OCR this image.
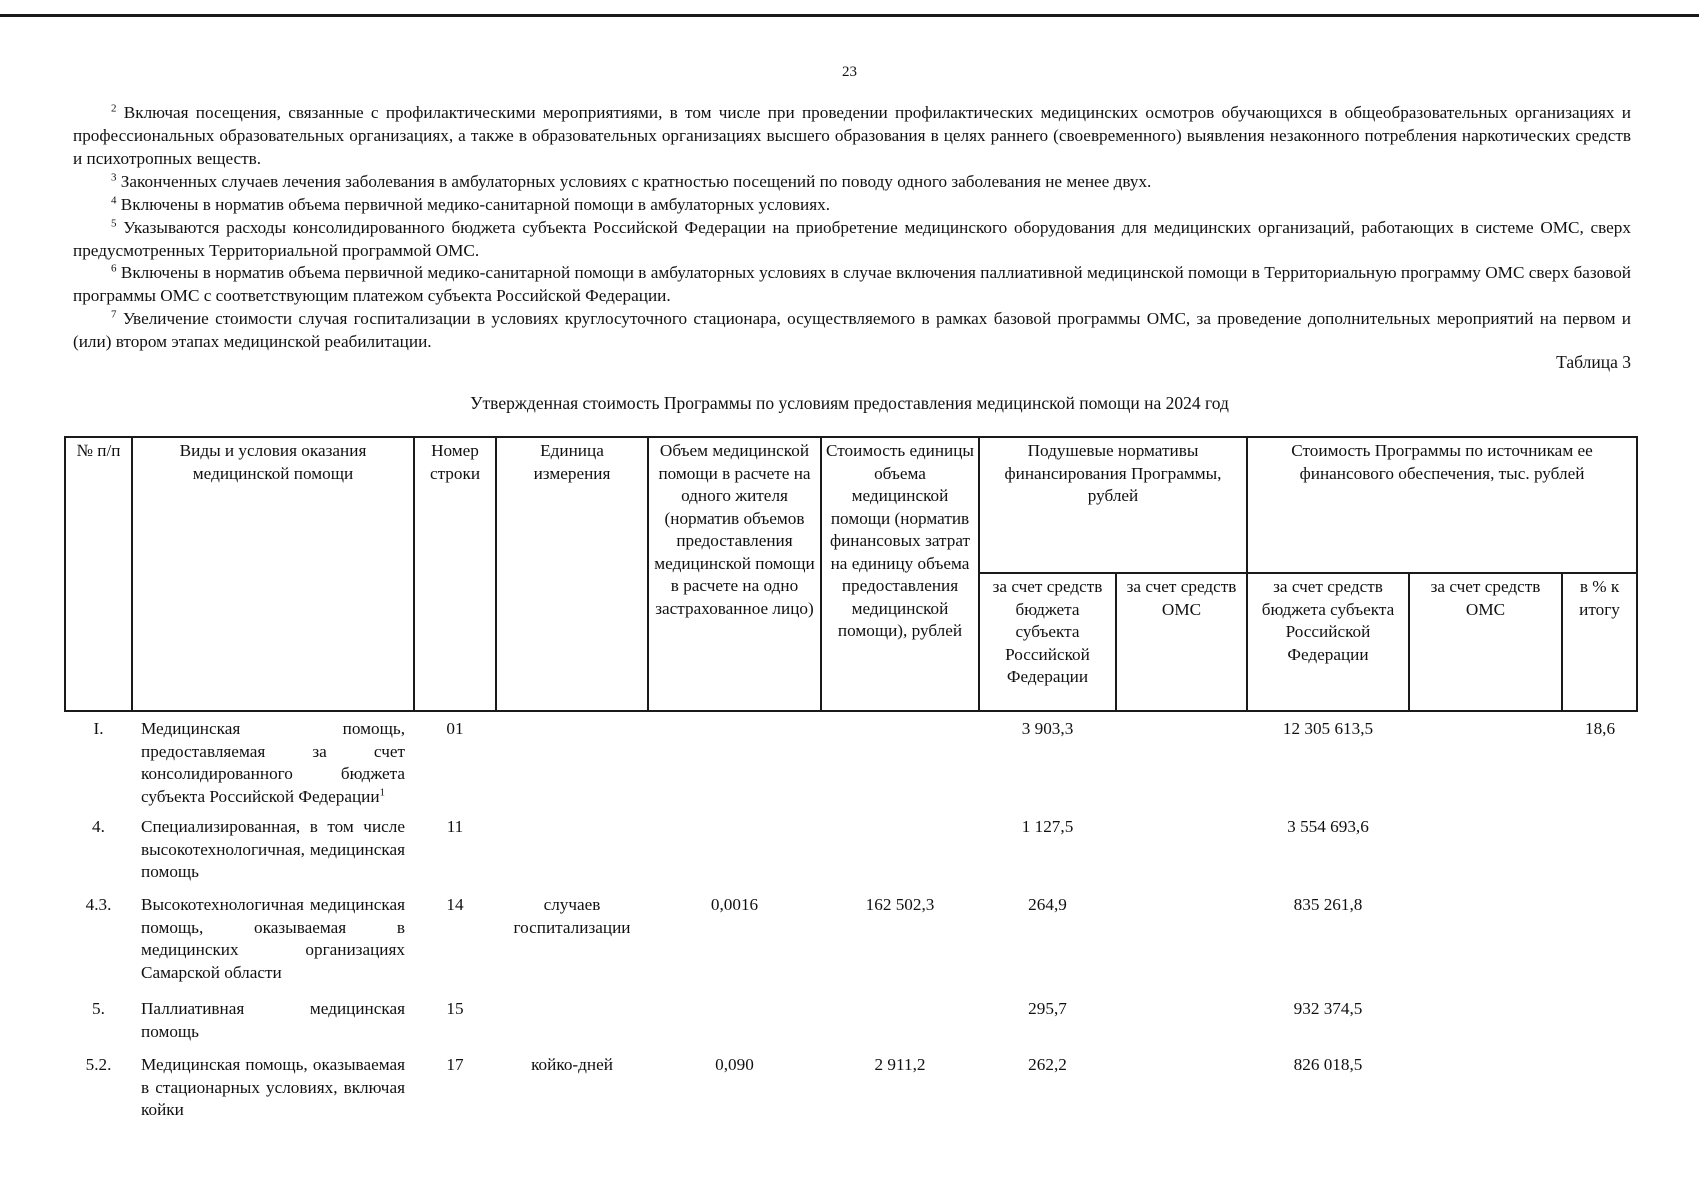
23
$^2$ Включая посещения, связанные с профилактическими мероприятиями, в том числе при проведении профилактических медицинских осмотров обучающихся в общеобразовательных организациях и профессиональных образовательных организациях, а также в образовательных организациях высшего образования в целях раннего (своевременного) выявления незаконного потребления наркотических средств и психотропных веществ.
$^3$ Законченных случаев лечения заболевания в амбулаторных условиях с кратностью посещений по поводу одного заболевания не менее двух.
$^4$ Включены в норматив объема первичной медико-санитарной помощи в амбулаторных условиях.
$^5$ Указываются расходы консолидированного бюджета субъекта Российской Федерации на приобретение медицинского оборудования для медицинских организаций, работающих в системе ОМС, сверх предусмотренных Территориальной программой ОМС.
$^6$ Включены в норматив объема первичной медико-санитарной помощи в амбулаторных условиях в случае включения паллиативной медицинской помощи в Территориальную программу ОМС сверх базовой программы ОМС с соответствующим платежом субъекта Российской Федерации.
$^7$ Увеличение стоимости случая госпитализации в условиях круглосуточного стационара, осуществляемого в рамках базовой программы ОМС, за проведение дополнительных мероприятий на первом и (или) втором этапах медицинской реабилитации.
Таблица 3
Утвержденная стоимость Программы по условиям предоставления медицинской помощи на 2024 год
№ п/п	Виды и условия оказания медицинской помощи	Номер строки	Единица измерения	Объем медицинской помощи в расчете на одного жителя (норматив объемов предоставления медицинской помощи в расчете на одно застрахованное лицо)	Стоимость единицы объема медицинской помощи (норматив финансовых затрат на единицу объема предоставления медицинской помощи), рублей	Подушевые нормативы финансирования Программы, рублей		Стоимость Программы по источникам ее финансового обеспечения, тыс. рублей		
						за счет средств бюджета субъекта Российской Федерации	за счет средств ОМС	за счет средств бюджета субъекта Российской Федерации	за счет средств ОМС	в % к итогу
I.	Медицинская помощь, предоставляемая за счет консолидированного бюджета субъекта Российской Федерации$^1$	01				3 903,3		12 305 613,5		18,6
4.	Специализированная, в том числе высокотехнологичная, медицинская помощь	11				1 127,5		3 554 693,6		
4.3.	Высокотехнологичная медицинская помощь, оказываемая в медицинских организациях Самарской области	14	случаев госпитализации	0,0016	162 502,3	264,9		835 261,8		
5.	Паллиативная медицинская помощь	15				295,7		932 374,5		
5.2.	Медицинская помощь, оказываемая в стационарных условиях, включая койки	17	койко-дней	0,090	2 911,2	262,2		826 018,5		
